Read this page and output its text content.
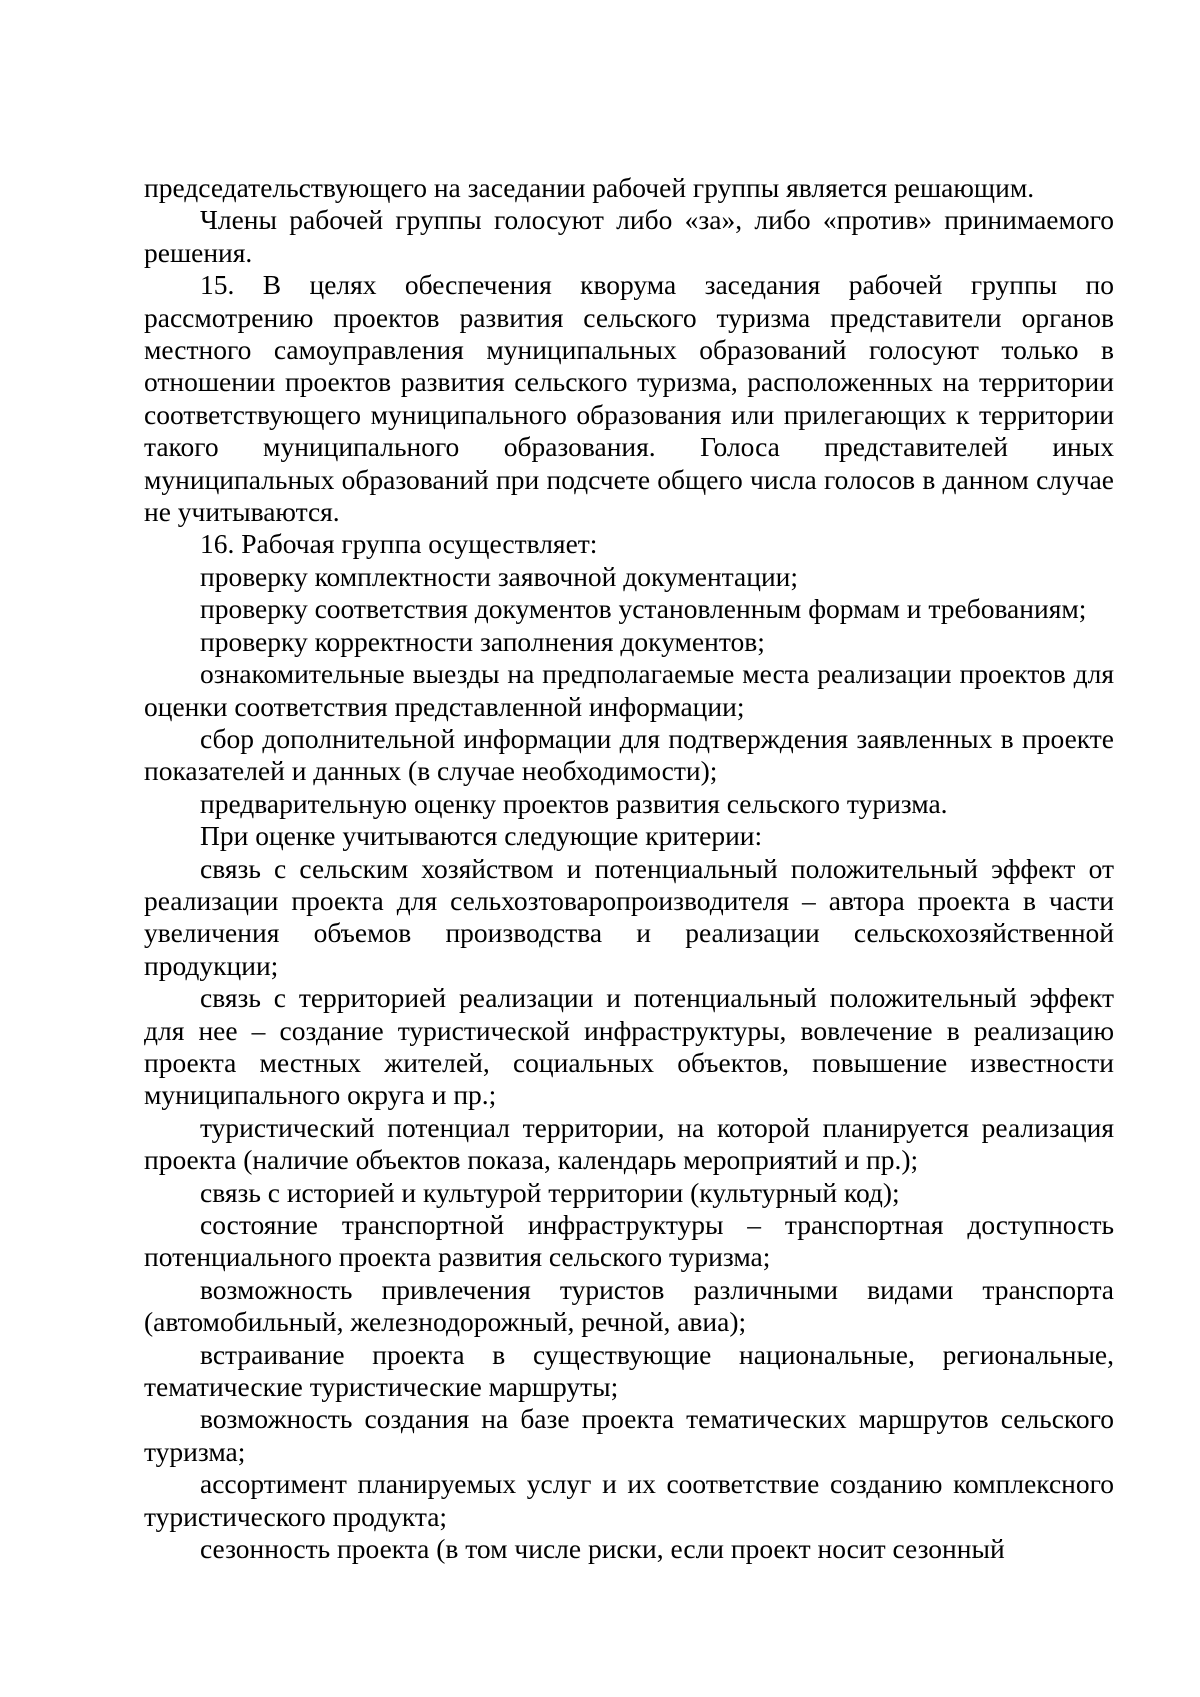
председательствующего на заседании рабочей группы является решающим.

Члены рабочей группы голосуют либо «за», либо «против» принимаемого решения.

15. В целях обеспечения кворума заседания рабочей группы по рассмотрению проектов развития сельского туризма представители органов местного самоуправления муниципальных образований голосуют только в отношении проектов развития сельского туризма, расположенных на территории соответствующего муниципального образования или прилегающих к территории такого муниципального образования. Голоса представителей иных муниципальных образований при подсчете общего числа голосов в данном случае не учитываются.

16. Рабочая группа осуществляет:

проверку комплектности заявочной документации;

проверку соответствия документов установленным формам и требованиям;

проверку корректности заполнения документов;

ознакомительные выезды на предполагаемые места реализации проектов для оценки соответствия представленной информации;

сбор дополнительной информации для подтверждения заявленных в проекте показателей и данных (в случае необходимости);

предварительную оценку проектов развития сельского туризма.

При оценке учитываются следующие критерии:

связь с сельским хозяйством и потенциальный положительный эффект от реализации проекта для сельхозтоваропроизводителя – автора проекта в части увеличения объемов производства и реализации сельскохозяйственной продукции;

связь с территорией реализации и потенциальный положительный эффект для нее – создание туристической инфраструктуры, вовлечение в реализацию проекта местных жителей, социальных объектов, повышение известности муниципального округа и пр.;

туристический потенциал территории, на которой планируется реализация проекта (наличие объектов показа, календарь мероприятий и пр.);

связь с историей и культурой территории (культурный код);

состояние транспортной инфраструктуры – транспортная доступность потенциального проекта развития сельского туризма;

возможность привлечения туристов различными видами транспорта (автомобильный, железнодорожный, речной, авиа);

встраивание проекта в существующие национальные, региональные, тематические туристические маршруты;

возможность создания на базе проекта тематических маршрутов сельского туризма;

ассортимент планируемых услуг и их соответствие созданию комплексного туристического продукта;

сезонность проекта (в том числе риски, если проект носит сезонный
